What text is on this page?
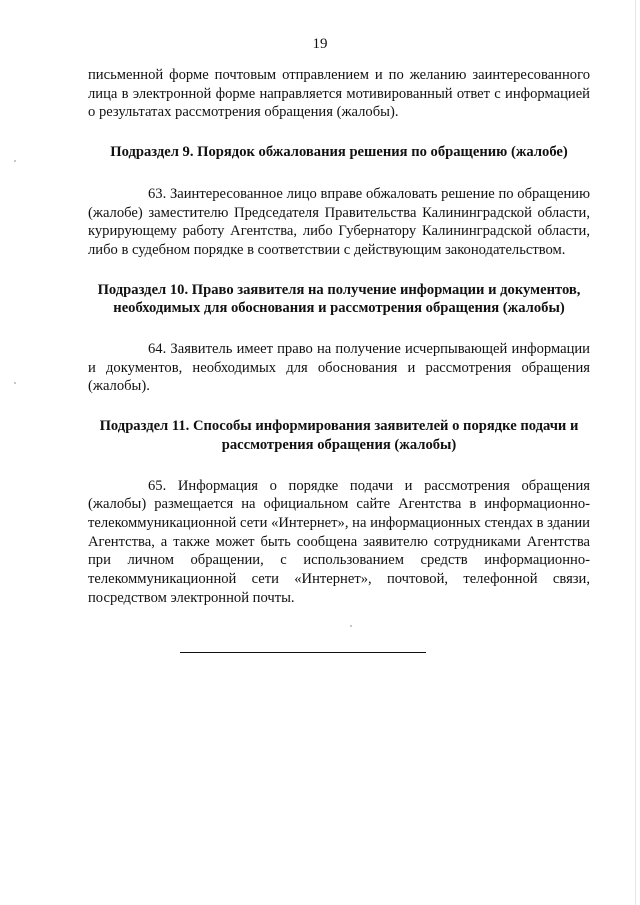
19

письменной форме почтовым отправлением и по желанию заинтересованного лица в электронной форме направляется мотивированный ответ с информацией о результатах рассмотрения обращения (жалобы).

Подраздел 9. Порядок обжалования решения по обращению (жалобе)

63. Заинтересованное лицо вправе обжаловать решение по обращению (жалобе) заместителю Председателя Правительства Калининградской области, курирующему работу Агентства, либо Губернатору Калининградской области, либо в судебном порядке в соответствии с действующим законодательством.

Подраздел 10. Право заявителя на получение информации и документов, необходимых для обоснования и рассмотрения обращения (жалобы)

64. Заявитель имеет право на получение исчерпывающей информации и документов, необходимых для обоснования и рассмотрения обращения (жалобы).

Подраздел 11. Способы информирования заявителей о порядке подачи и рассмотрения обращения (жалобы)

65. Информация о порядке подачи и рассмотрения обращения (жалобы) размещается на официальном сайте Агентства в информационно-телекоммуникационной сети «Интернет», на информационных стендах в здании Агентства, а также может быть сообщена заявителю сотрудниками Агентства при личном обращении, с использованием средств информационно-телекоммуникационной сети «Интернет», почтовой, телефонной связи, посредством электронной почты.
